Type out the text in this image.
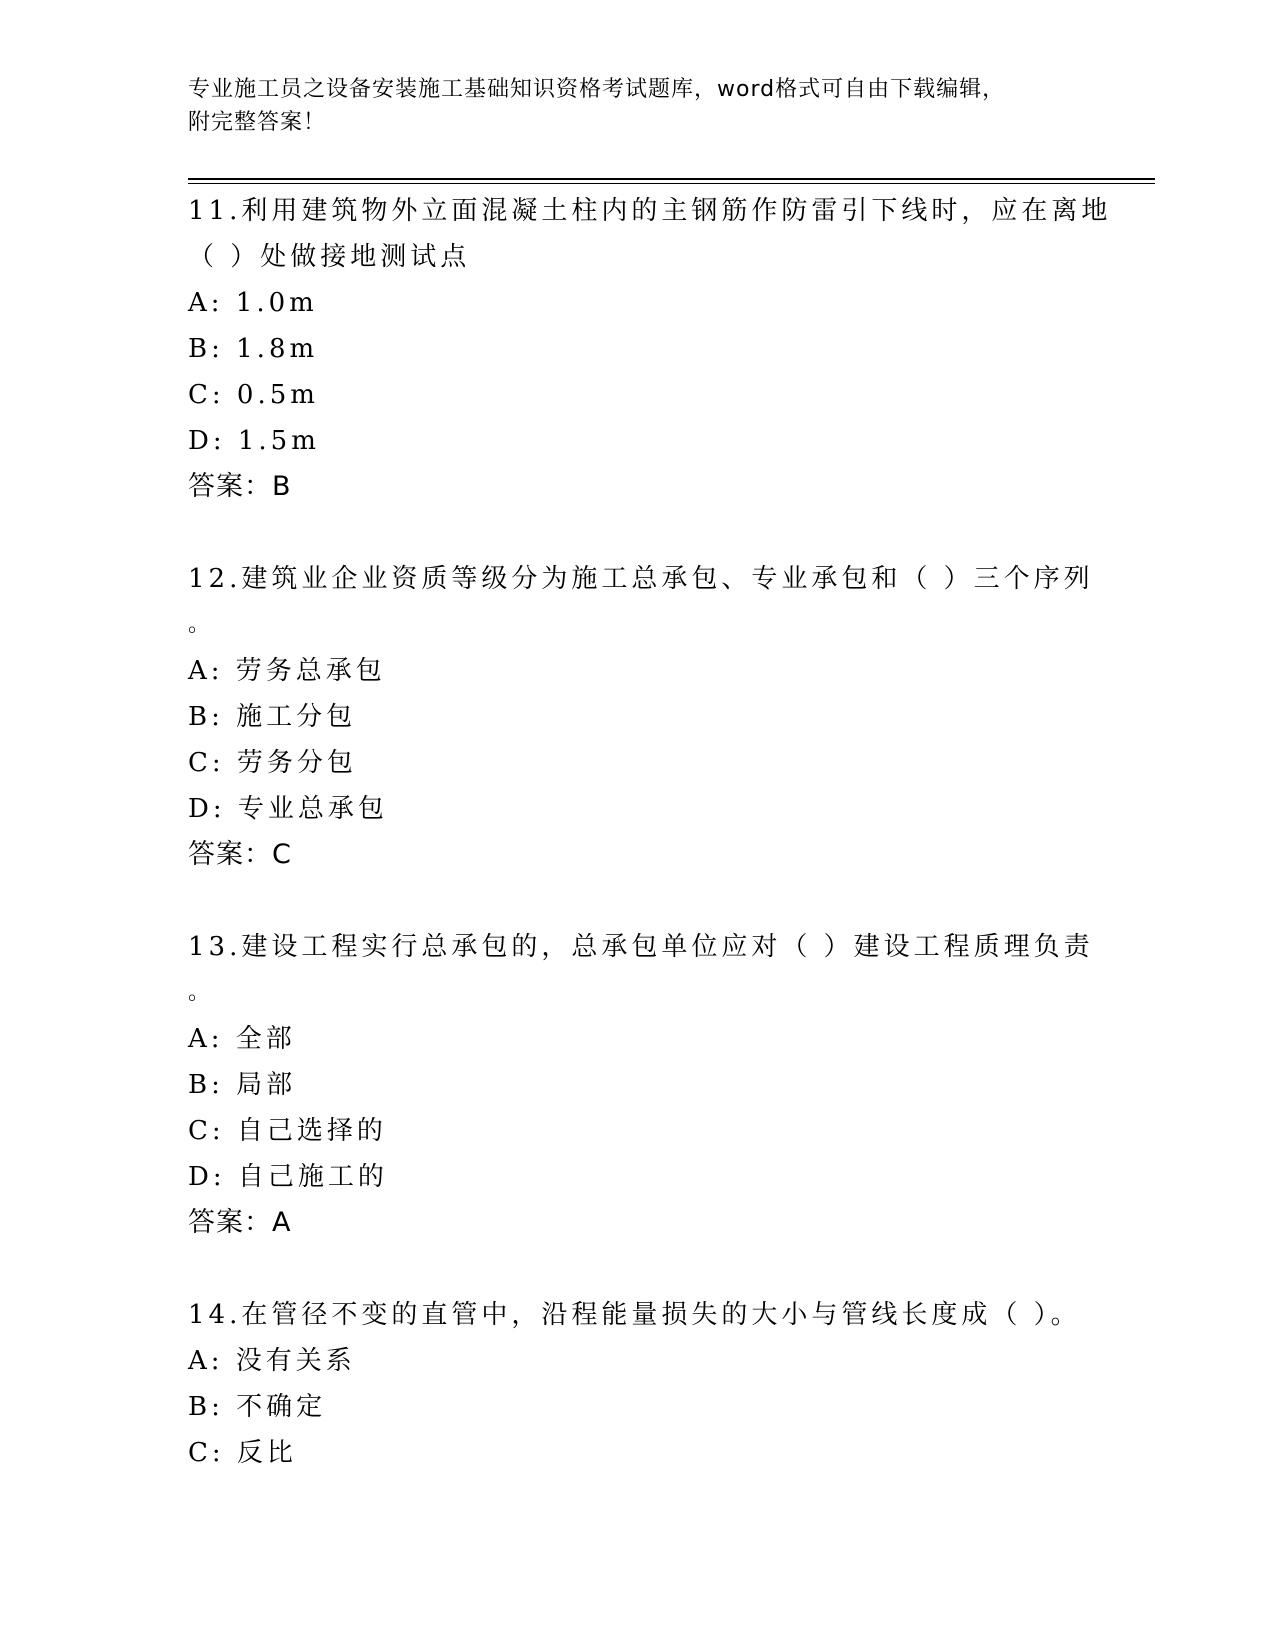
专业施工员之设备安装施工基础知识资格考试题库，word格式可自由下载编辑，
附完整答案！
11.利用建筑物外立面混凝土柱内的主钢筋作防雷引下线时，应在离地
（ ）处做接地测试点
A: 1.0m
B: 1.8m
C: 0.5m
D: 1.5m
答案：B
12.建筑业企业资质等级分为施工总承包、专业承包和（ ）三个序列
。
A: 劳务总承包
B: 施工分包
C: 劳务分包
D: 专业总承包
答案：C
13.建设工程实行总承包的，总承包单位应对（ ）建设工程质理负责
。
A: 全部
B: 局部
C: 自己选择的
D: 自己施工的
答案：A
14.在管径不变的直管中，沿程能量损失的大小与管线长度成（ ）。
A: 没有关系
B: 不确定
C: 反比
